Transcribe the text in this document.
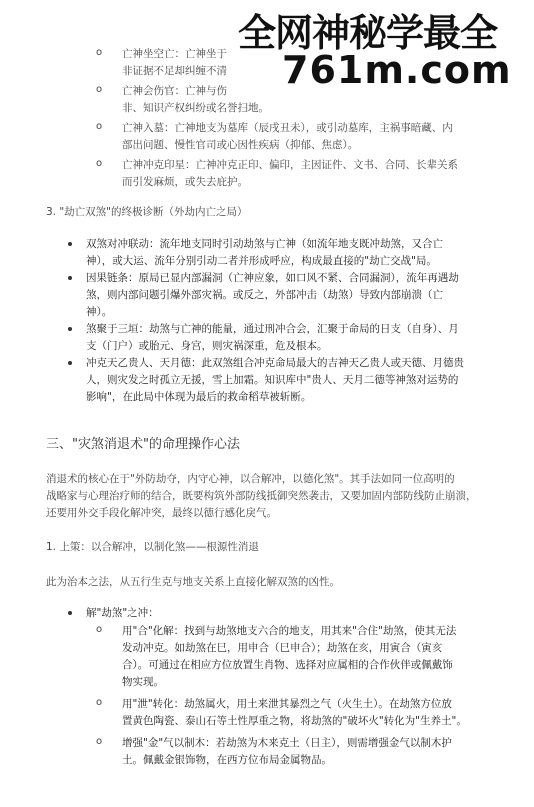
全网神秘学最全
761m.com
o 亡神坐空亡：亡神坐于
非证据不足却纠缠不清
o 亡神会伤官：亡神与伤
非、知识产权纠纷或名誉扫地。
o 亡神入墓：亡神地支为墓库（辰戌丑未），或引动墓库，主祸事暗藏、内
部出问题、慢性官司或心因性疾病（抑郁、焦虑）。
o 亡神冲克印星：亡神冲克正印、偏印，主因证件、文书、合同、长辈关系
而引发麻烦，或失去庇护。
3. "劫亡双煞"的终极诊断（外劫内亡之局）
双煞对冲联动：流年地支同时引动劫煞与亡神（如流年地支既冲劫煞，又合亡
神），或大运、流年分别引动二者并形成呼应，构成最直接的"劫亡交战"局。
因果链条：原局已显内部漏洞（亡神应象，如口风不紧、合同漏洞），流年再遇劫
煞，则内部问题引爆外部灾祸。或反之，外部冲击（劫煞）导致内部崩溃（亡
神）。
煞聚于三垣：劫煞与亡神的能量，通过刑冲合会，汇聚于命局的日支（自身）、月
支（门户）或胎元、身宫，则灾祸深重，危及根本。
冲克天乙贵人、天月德：此双煞组合冲克命局最大的吉神天乙贵人或天德、月德贵
人，则灾发之时孤立无援，雪上加霜。知识库中"贵人、天月二德等神煞对运势的
影响"，在此局中体现为最后的救命稻草被斩断。
三、"灾煞消退术"的命理操作心法
消退术的核心在于"外防劫夺，内守心神，以合解冲，以德化煞"。其手法如同一位高明的
战略家与心理治疗师的结合，既要构筑外部防线抵御突然袭击，又要加固内部防线防止崩溃，
还要用外交手段化解冲突，最终以德行感化戾气。
1. 上策：以合解冲，以制化煞——根源性消退
此为治本之法，从五行生克与地支关系上直接化解双煞的凶性。
解"劫煞"之冲：
o 用"合"化解：找到与劫煞地支六合的地支，用其来"合住"劫煞，使其无法
发动冲克。如劫煞在巳，用申合（巳申合）；劫煞在亥，用寅合（寅亥
合）。可通过在相应方位放置生肖物、选择对应属相的合作伙伴或佩戴饰
物实现。
o 用"泄"转化：劫煞属火，用土来泄其暴烈之气（火生土）。在劫煞方位放
置黄色陶瓷、泰山石等土性厚重之物，将劫煞的"破坏火"转化为"生养土"。
o 增强"金"气以制木：若劫煞为木来克土（日主），则需增强金气以制木护
土。佩戴金银饰物，在西方位布局金属物品。
